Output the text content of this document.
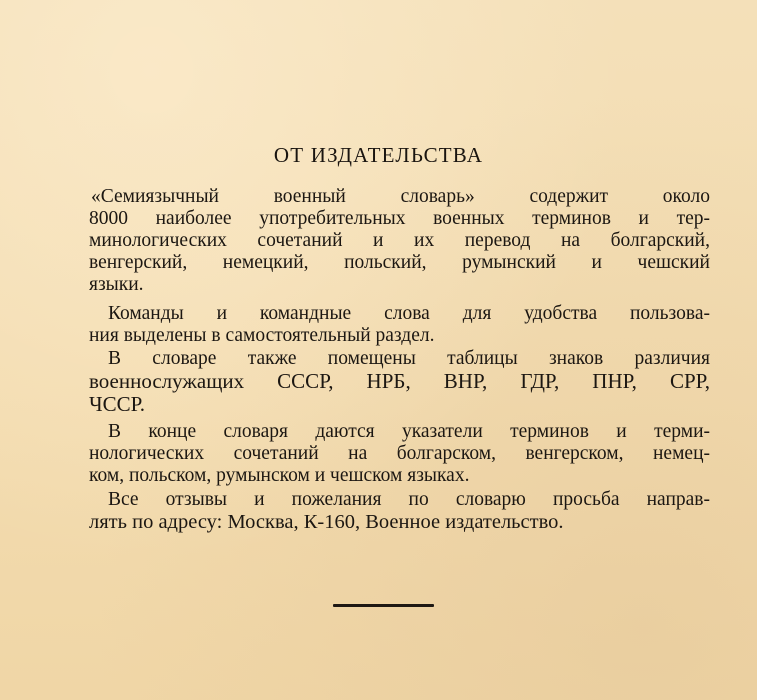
ОТ ИЗДАТЕЛЬСТВА
«Семиязычный военный словарь» содержит около
8000 наиболее употребительных военных терминов и тер-
минологических сочетаний и их перевод на болгарский,
венгерский, немецкий, польский, румынский и чешский
языки.
Команды и командные слова для удобства пользова-
ния выделены в самостоятельный раздел.
В словаре также помещены таблицы знаков различия
военнослужащих СССР, НРБ, ВНР, ГДР, ПНР, СРР,
ЧССР.
В конце словаря даются указатели терминов и терми-
нологических сочетаний на болгарском, венгерском, немец-
ком, польском, румынском и чешском языках.
Все отзывы и пожелания по словарю просьба направ-
лять по адресу: Москва, К-160, Военное издательство.
